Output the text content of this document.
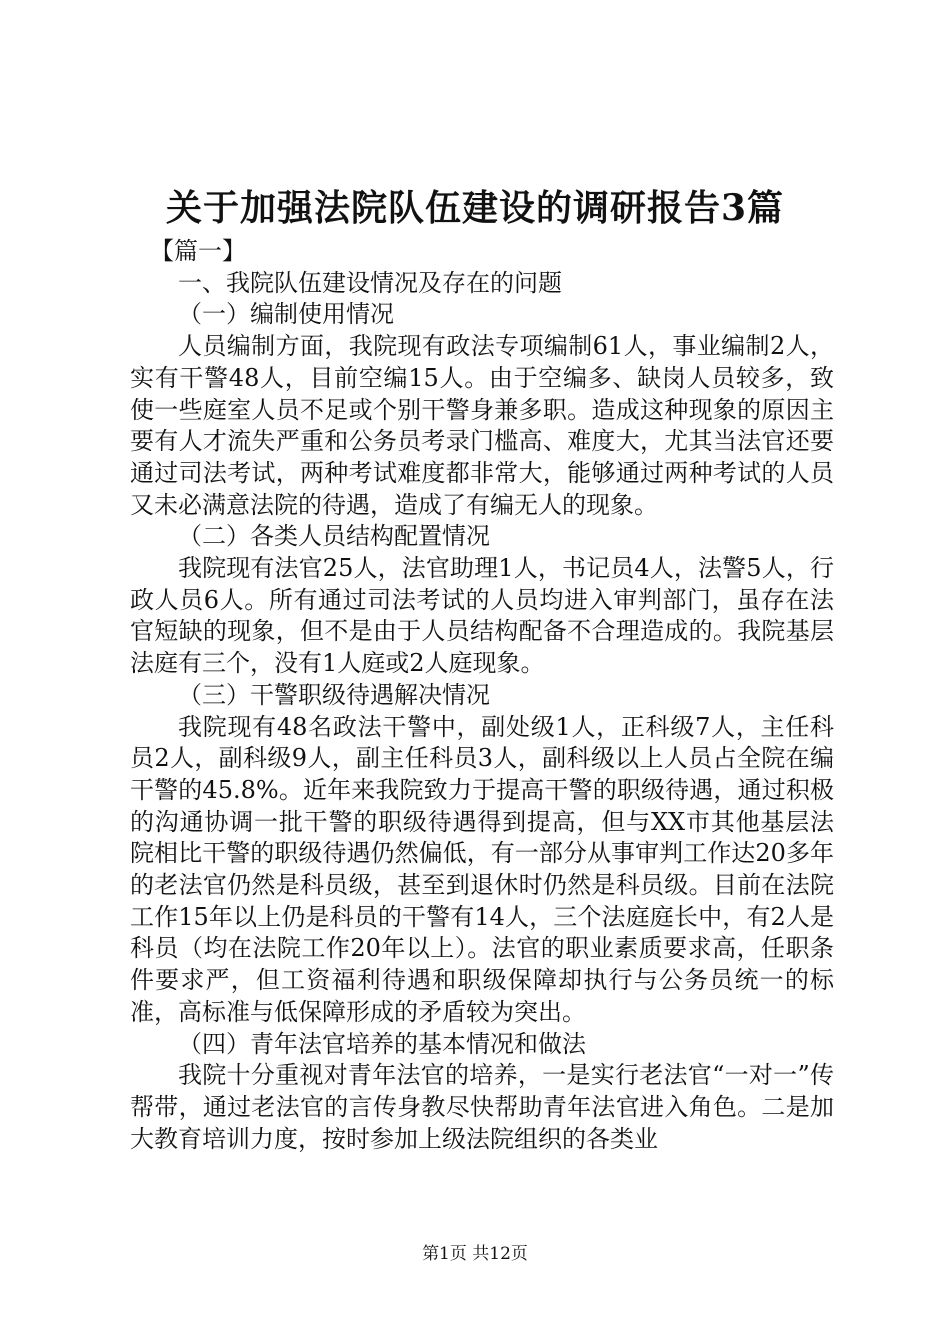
关于加强法院队伍建设的调研报告3篇

【篇一】

一、我院队伍建设情况及存在的问题

（一）编制使用情况

人员编制方面，我院现有政法专项编制61人，事业编制2人，实有干警48人，目前空编15人。由于空编多、缺岗人员较多，致使一些庭室人员不足或个别干警身兼多职。造成这种现象的原因主要有人才流失严重和公务员考录门槛高、难度大，尤其当法官还要通过司法考试，两种考试难度都非常大，能够通过两种考试的人员又未必满意法院的待遇，造成了有编无人的现象。

（二）各类人员结构配置情况

我院现有法官25人，法官助理1人，书记员4人，法警5人，行政人员6人。所有通过司法考试的人员均进入审判部门，虽存在法官短缺的现象，但不是由于人员结构配备不合理造成的。我院基层法庭有三个，没有1人庭或2人庭现象。

（三）干警职级待遇解决情况

我院现有48名政法干警中，副处级1人，正科级7人，主任科员2人，副科级9人，副主任科员3人，副科级以上人员占全院在编干警的45.8%。近年来我院致力于提高干警的职级待遇，通过积极的沟通协调一批干警的职级待遇得到提高，但与XX市其他基层法院相比干警的职级待遇仍然偏低，有一部分从事审判工作达20多年的老法官仍然是科员级，甚至到退休时仍然是科员级。目前在法院工作15年以上仍是科员的干警有14人，三个法庭庭长中，有2人是科员（均在法院工作20年以上）。法官的职业素质要求高，任职条件要求严，但工资福利待遇和职级保障却执行与公务员统一的标准，高标准与低保障形成的矛盾较为突出。

（四）青年法官培养的基本情况和做法

我院十分重视对青年法官的培养，一是实行老法官“一对一”传帮带，通过老法官的言传身教尽快帮助青年法官进入角色。二是加大教育培训力度，按时参加上级法院组织的各类业

第1页 共12页
